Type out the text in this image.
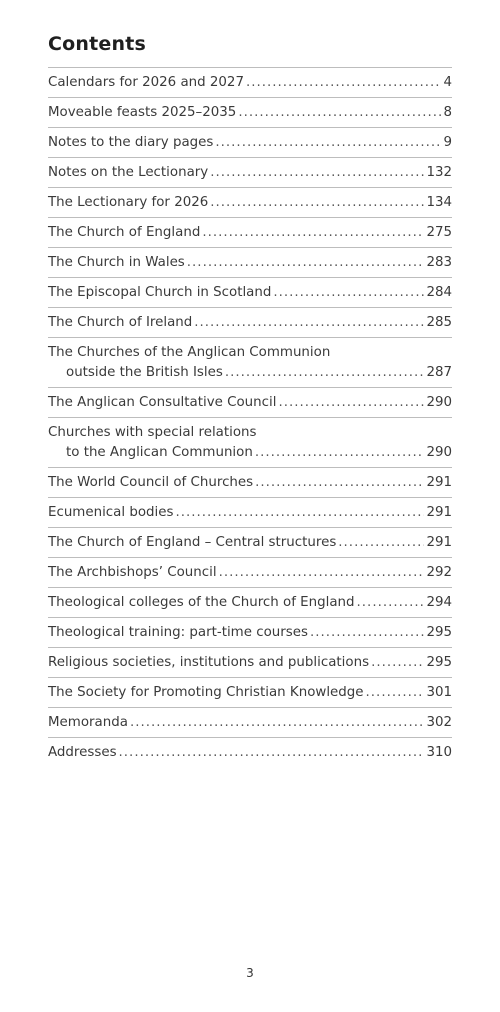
Contents
Calendars for 2026 and 2027 .....	4
Moveable feasts 2025–2035 .....	8
Notes to the diary pages .....	9
Notes on the Lectionary .....	132
The Lectionary for 2026 .....	134
The Church of England .....	275
The Church in Wales .....	283
The Episcopal Church in Scotland .....	284
The Church of Ireland .....	285
The Churches of the Anglican Communion
outside the British Isles .....	287
The Anglican Consultative Council .....	290
Churches with special relations
to the Anglican Communion .....	290
The World Council of Churches .....	291
Ecumenical bodies .....	291
The Church of England – Central structures .....	291
The Archbishops’ Council .....	292
Theological colleges of the Church of England .....	294
Theological training: part-time courses .....	295
Religious societies, institutions and publications .....	295
The Society for Promoting Christian Knowledge .....	301
Memoranda .....	302
Addresses .....	310
3
